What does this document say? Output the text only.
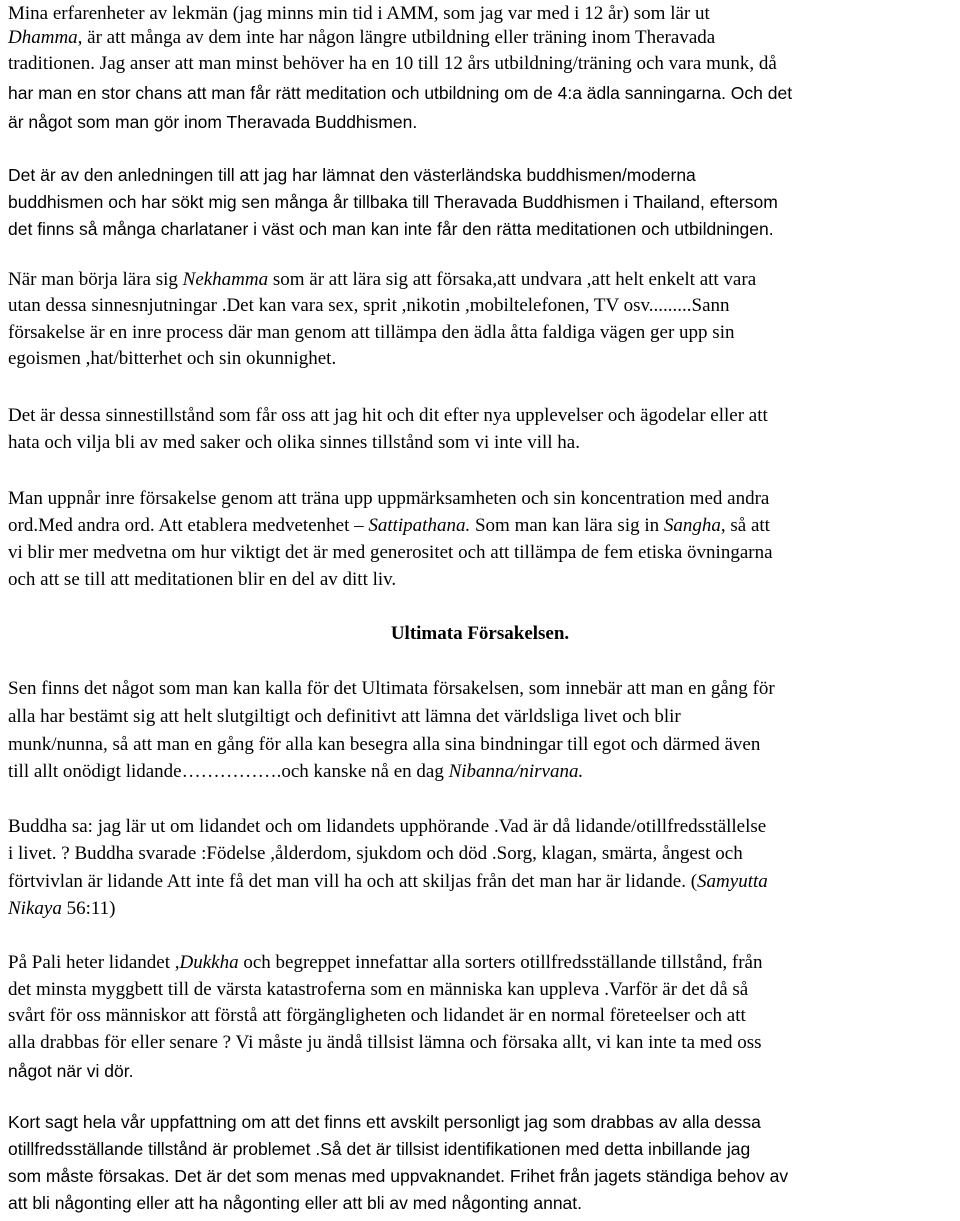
Mina erfarenheter av lekmän (jag minns min tid i AMM, som jag var med i 12 år) som lär ut
Dhamma, är att många av dem inte har någon längre utbildning eller träning inom Theravada
traditionen. Jag anser att man minst behöver ha en 10 till 12 års utbildning/träning och vara munk, då
har man en stor chans att man får rätt meditation och utbildning om de 4:a ädla sanningarna. Och det
är något som man gör inom Theravada Buddhismen.
Det är av den anledningen till att jag har lämnat den västerländska buddhismen/moderna
buddhismen och har sökt mig sen många år tillbaka till Theravada Buddhismen i Thailand, eftersom
det finns så många charlataner i väst och man kan inte får den rätta meditationen och utbildningen.
När man börja lära sig Nekhamma som är att lära sig att försaka,att undvara ,att helt enkelt att vara
utan dessa sinnesnjutningar .Det kan vara sex, sprit ,nikotin ,mobiltelefonen, TV osv.........Sann
försakelse är en inre process där man genom att tillämpa den ädla åtta faldiga vägen ger upp sin
egoismen ,hat/bitterhet och sin okunnighet.
Det är dessa sinnestillstånd som får oss att jag hit och dit efter nya upplevelser och ägodelar eller att
hata och vilja bli av med saker och olika sinnes tillstånd som vi inte vill ha.
Man uppnår inre försakelse genom att träna upp uppmärksamheten och sin koncentration med andra
ord.Med andra ord. Att etablera medvetenhet – Sattipathana. Som man kan lära sig in Sangha, så att
vi blir mer medvetna om hur viktigt det är med generositet och att tillämpa de fem etiska övningarna
och att se till att meditationen blir en del av ditt liv.
Ultimata Försakelsen.
Sen finns det något som man kan kalla för det Ultimata försakelsen, som innebär att man en gång för
alla har bestämt sig att helt slutgiltigt och definitivt att lämna det världsliga livet och blir
munk/nunna, så att man en gång för alla kan besegra alla sina bindningar till egot och därmed även
till allt onödigt lidande…………….och kanske nå en dag Nibanna/nirvana.
Buddha sa: jag lär ut om lidandet och om lidandets upphörande .Vad är då lidande/otillfredsställelse
i livet. ? Buddha svarade :Födelse ,ålderdom, sjukdom och död .Sorg, klagan, smärta, ångest och
förtvivlan är lidande Att inte få det man vill ha och att skiljas från det man har är lidande. (Samyutta
Nikaya 56:11)
På Pali heter lidandet ,Dukkha och begreppet innefattar alla sorters otillfredsställande tillstånd, från
det minsta myggbett till de värsta katastroferna som en människa kan uppleva .Varför är det då så
svårt för oss människor att förstå att förgängligheten och lidandet är en normal företeelser och att
alla drabbas för eller senare ? Vi måste ju ändå tillsist lämna och försaka allt, vi kan inte ta med oss
något när vi dör.
Kort sagt hela vår uppfattning om att det finns ett avskilt personligt jag som drabbas av alla dessa
otillfredsställande tillstånd är problemet .Så det är tillsist identifikationen med detta inbillande jag
som måste försakas. Det är det som menas med uppvaknandet. Frihet från jagets ständiga behov av
att bli någonting eller att ha någonting eller att bli av med någonting annat.
